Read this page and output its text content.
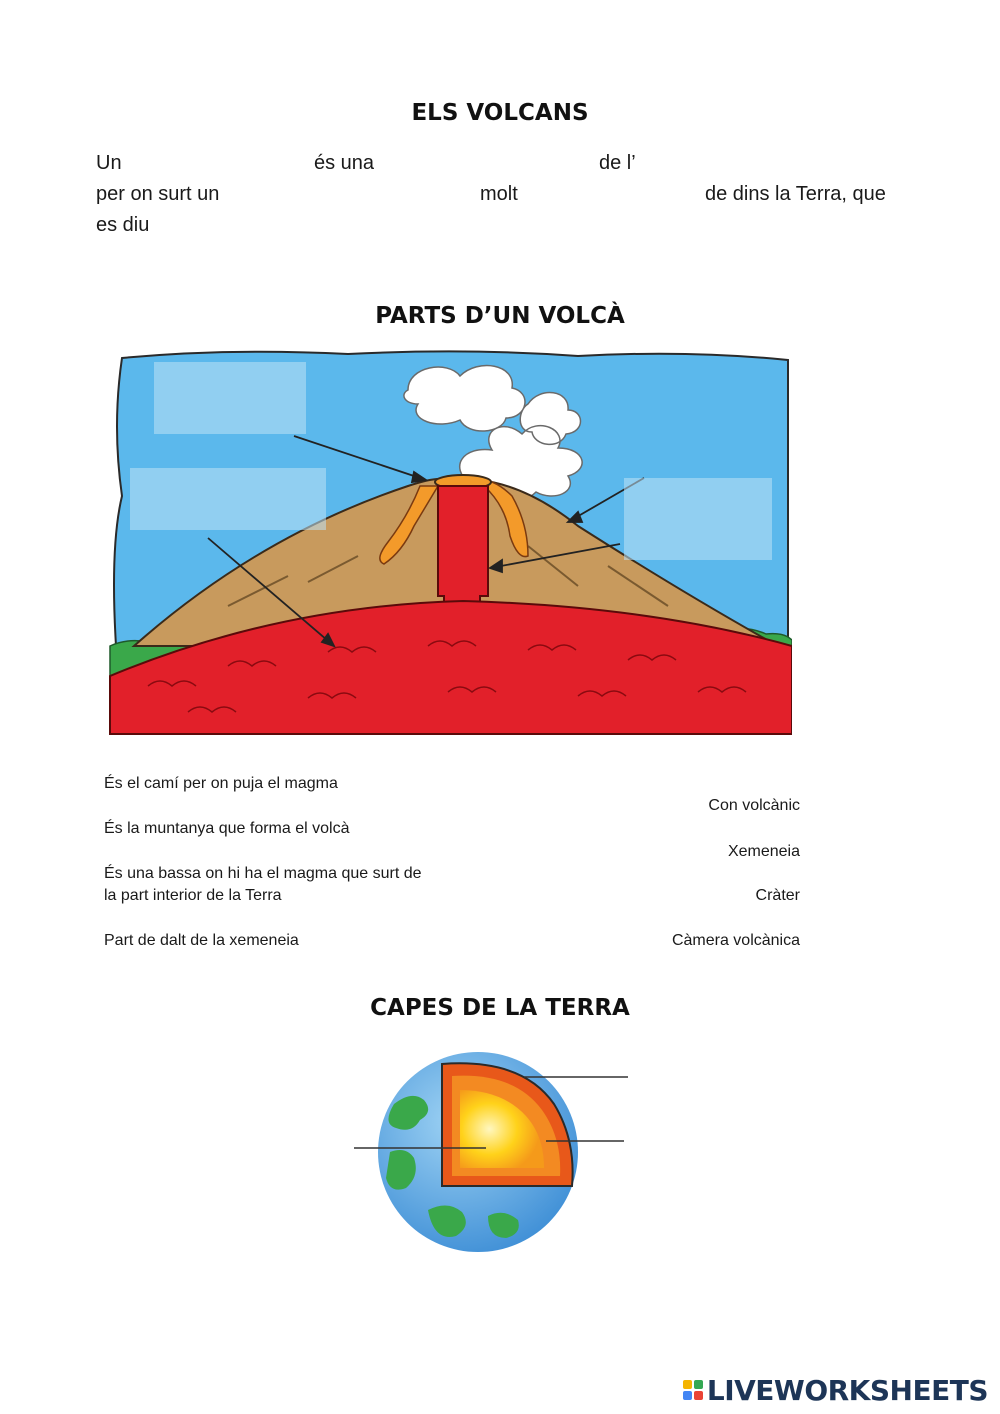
ELS VOLCANS
Un	és una	de l’
per on surt un	molt	de dins la Terra, que
es diu
PARTS D’UN VOLCÀ
És el camí per on puja el magma
És la muntanya que forma el volcà
És una bassa on hi ha el magma que surt de
la part interior de la Terra
Part de dalt de la xemeneia
Con volcànic
Xemeneia
Cràter
Càmera volcànica
CAPES DE LA TERRA
LIVEWORKSHEETS
